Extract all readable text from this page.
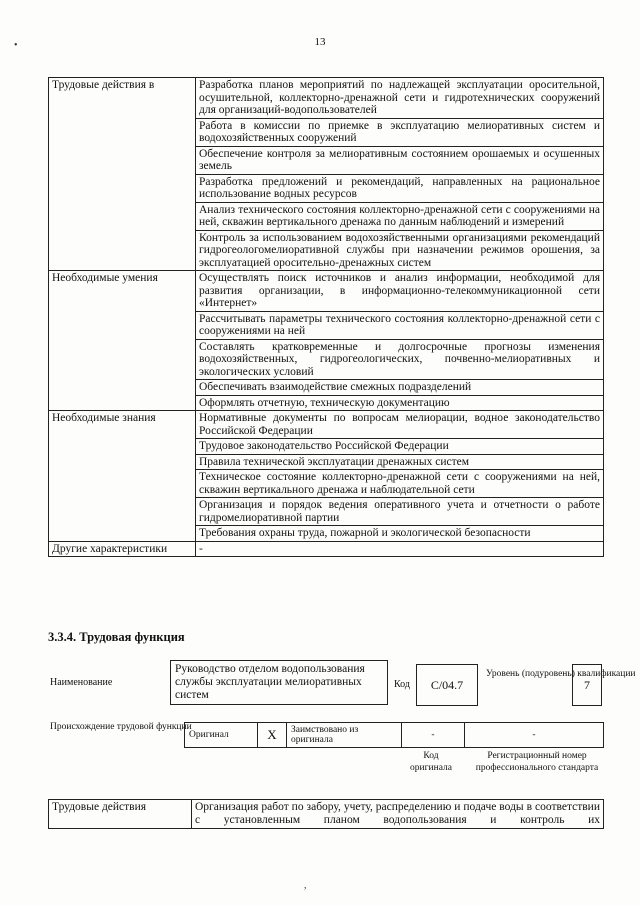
13
•
Трудовые действия в	Разработка планов мероприятий по надлежащей эксплуатации оросительной, осушительной, коллекторно-дренажной сети и гидротехнических сооружений для организаций-водопользователей
	Работа в комиссии по приемке в эксплуатацию мелиоративных систем и водохозяйственных сооружений
	Обеспечение контроля за мелиоративным состоянием орошаемых и осушенных земель
	Разработка предложений и рекомендаций, направленных на рациональное использование водных ресурсов
	Анализ технического состояния коллекторно-дренажной сети с сооружениями на ней, скважин вертикального дренажа по данным наблюдений и измерений
	Контроль за использованием водохозяйственными организациями рекомендаций гидрогеологомелиоративной службы при назначении режимов орошения, за эксплуатацией оросительно-дренажных систем
Необходимые умения	Осуществлять поиск источников и анализ информации, необходимой для развития организации, в информационно-телекоммуникационной сети «Интернет»
	Рассчитывать параметры технического состояния коллекторно-дренажной сети с сооружениями на ней
	Составлять кратковременные и долгосрочные прогнозы изменения водохозяйственных, гидрогеологических, почвенно-мелиоративных и экологических условий
	Обеспечивать взаимодействие смежных подразделений
	Оформлять отчетную, техническую документацию
Необходимые знания	Нормативные документы по вопросам мелиорации, водное законодательство Российской Федерации
	Трудовое законодательство Российской Федерации
	Правила технической эксплуатации дренажных систем
	Техническое состояние коллекторно-дренажной сети с сооружениями на ней, скважин вертикального дренажа и наблюдательной сети
	Организация и порядок ведения оперативного учета и отчетности о работе гидромелиоративной партии
	Требования охраны труда, пожарной и экологической безопасности
Другие характеристики	-
3.3.4. Трудовая функция
Наименование
Руководство отделом водопользования службы эксплуатации мелиоративных систем
Код	С/04.7
Уровень (подуровень) квалификации
7
Происхождение трудовой функции
Оригинал	X	Заимствовано из оригинала	-	-
Код оригинала
Регистрационный номер профессионального стандарта
Трудовые действия	Организация работ по забору, учету, распределению и подаче воды в соответствии с установленным планом водопользования и контроль их
,
